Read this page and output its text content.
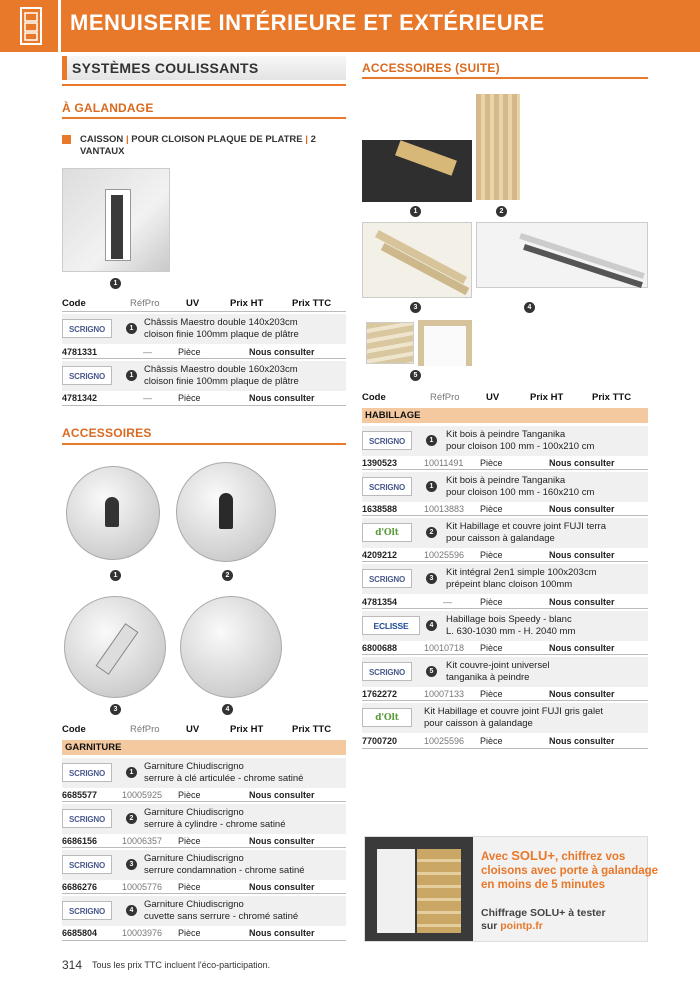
MENUISERIE INTÉRIEURE ET EXTÉRIEURE
SYSTÈMES COULISSANTS
À GALANDAGE
CAISSON | POUR CLOISON PLAQUE DE PLATRE | 2 VANTAUX
1
Code	RéfPro	UV	Prix HT	Prix TTC
SCRIGNO	1
Châssis Maestro double 140x203cm
cloison finie 100mm plaque de plâtre
4781331	—	Pièce	Nous consulter
SCRIGNO	1
Châssis Maestro double 160x203cm
cloison finie 100mm plaque de plâtre
4781342	—	Pièce	Nous consulter
ACCESSOIRES
1	2
3	4
Code	RéfPro	UV	Prix HT	Prix TTC
GARNITURE
SCRIGNO	1
Garniture Chiudiscrigno
serrure à clé articulée - chrome satiné
6685577	10005925 Pièce	Nous consulter
SCRIGNO	2
Garniture Chiudiscrigno
serrure à cylindre - chrome satiné
6686156	10006357 Pièce	Nous consulter
SCRIGNO	3
Garniture Chiudiscrigno
serrure condamnation - chrome satiné
6686276	10005776 Pièce	Nous consulter
SCRIGNO	4
Garniture Chiudiscrigno
cuvette sans serrure - chromé satiné
6685804	10003976 Pièce	Nous consulter
ACCESSOIRES (SUITE)
1	2
3	4
5
Code	RéfPro	UV	Prix HT	Prix TTC
HABILLAGE
SCRIGNO	1
Kit bois à peindre Tanganika
pour cloison 100 mm - 100x210 cm
1390523	10011491 Pièce	Nous consulter
SCRIGNO	1
Kit bois à peindre Tanganika
pour cloison 100 mm - 160x210 cm
1638588	10013883 Pièce	Nous consulter
d'Olt	2
Kit Habillage et couvre joint FUJI terra
pour caisson à galandage
4209212	10025596 Pièce	Nous consulter
SCRIGNO	3
Kit intégral 2en1 simple 100x203cm
prépeint blanc cloison 100mm
4781354	—	Pièce	Nous consulter
ECLISSE	4
Habillage bois Speedy - blanc
L. 630-1030 mm - H. 2040 mm
6800688	10010718 Pièce	Nous consulter
SCRIGNO	5
Kit couvre-joint universel
tanganika à peindre
1762272	10007133 Pièce	Nous consulter
d'Olt
Kit Habillage et couvre joint FUJI gris galet
pour caisson à galandage
7700720	10025596 Pièce	Nous consulter
Avec SOLU+, chiffrez vos
cloisons avec porte à galandage
en moins de 5 minutes
Chiffrage SOLU+ à tester
sur pointp.fr
314 Tous les prix TTC incluent l'éco-participation.
